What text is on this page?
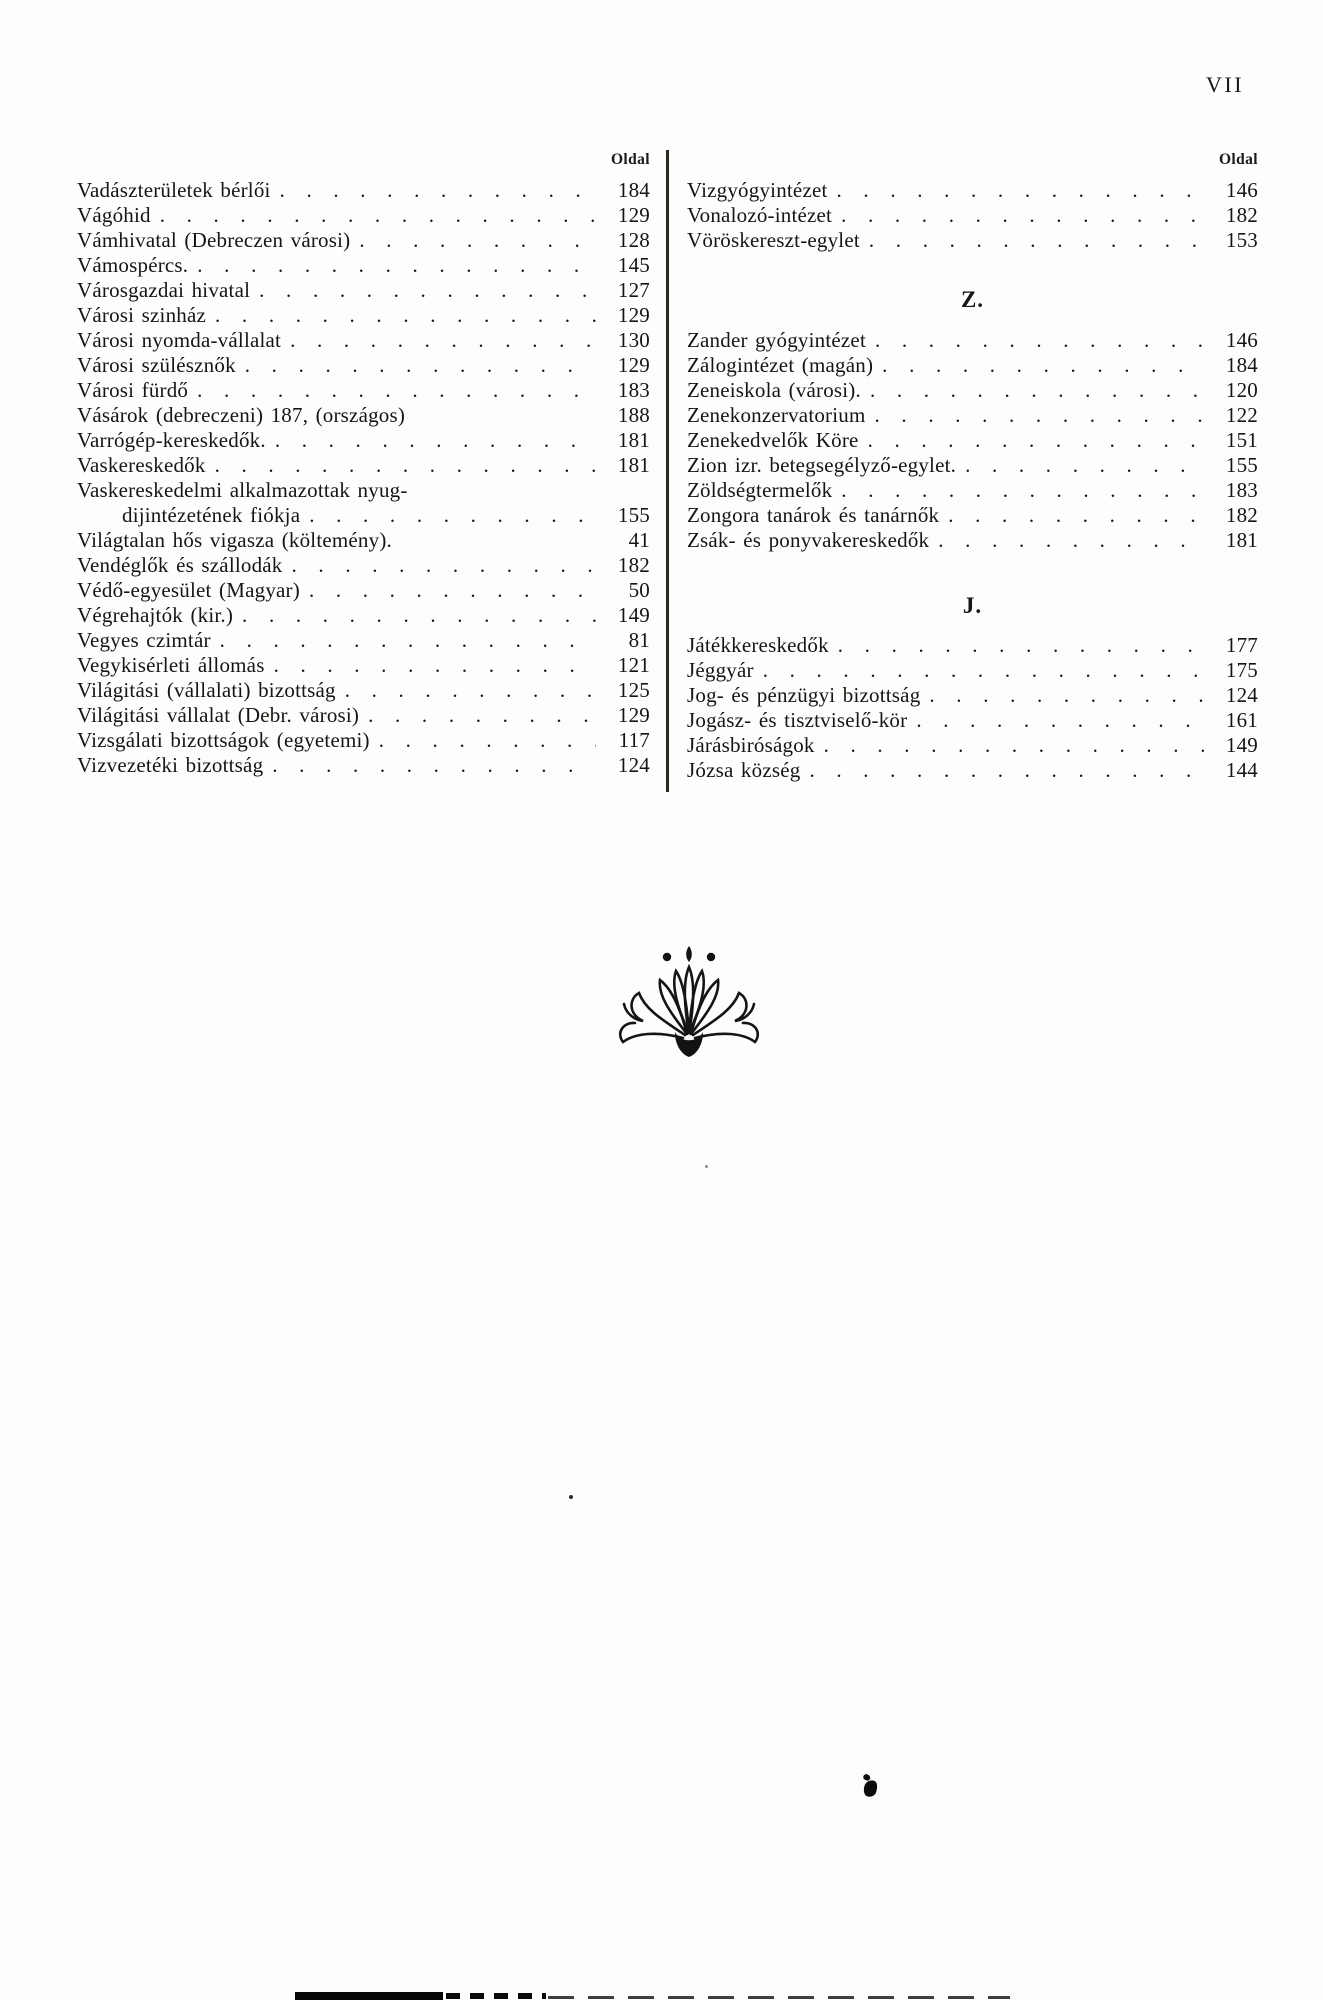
VII
Oldal
Vadászterületek bérlői . . .	184
Vágóhid . . .	129
Vámhivatal (Debreczen városi) . . .	128
Vámospércs. . . .	145
Városgazdai hivatal . . .	127
Városi szinház . . .	129
Városi nyomda-vállalat . . .	130
Városi szülésznők . . .	129
Városi fürdő . . .	183
Vásárok (debreczeni) 187, (országos)	188
Varrógép-kereskedők. . . .	181
Vaskereskedők . . .	181
Vaskereskedelmi alkalmazottak nyug-
dijintézetének fiókja . . .	155
Világtalan hős vigasza (költemény).	41
Vendéglők és szállodák . . .	182
Védő-egyesület (Magyar) . . .	50
Végrehajtók (kir.) . . .	149
Vegyes czimtár . . .	81
Vegykisérleti állomás . . .	121
Világitási (vállalati) bizottság . . .	125
Világitási vállalat (Debr. városi) . . .	129
Vizsgálati bizottságok (egyetemi) . . .	117
Vizvezetéki bizottság . . .	124
Oldal
Vizgyógyintézet . . .	146
Vonalozó-intézet . . .	182
Vöröskereszt-egylet . . .	153
Z.
Zander gyógyintézet . . .	146
Zálogintézet (magán) . . .	184
Zeneiskola (városi). . . .	120
Zenekonzervatorium . . .	122
Zenekedvelők Köre . . .	151
Zion izr. betegsegélyző-egylet. . . .	155
Zöldségtermelők . . .	183
Zongora tanárok és tanárnők . . .	182
Zsák- és ponyvakereskedők . . .	181
J.
Játékkereskedők . . .	177
Jéggyár . . .	175
Jog- és pénzügyi bizottság . . .	124
Jogász- és tisztviselő-kör . . .	161
Járásbiróságok . . .	149
Józsa község . . .	144
